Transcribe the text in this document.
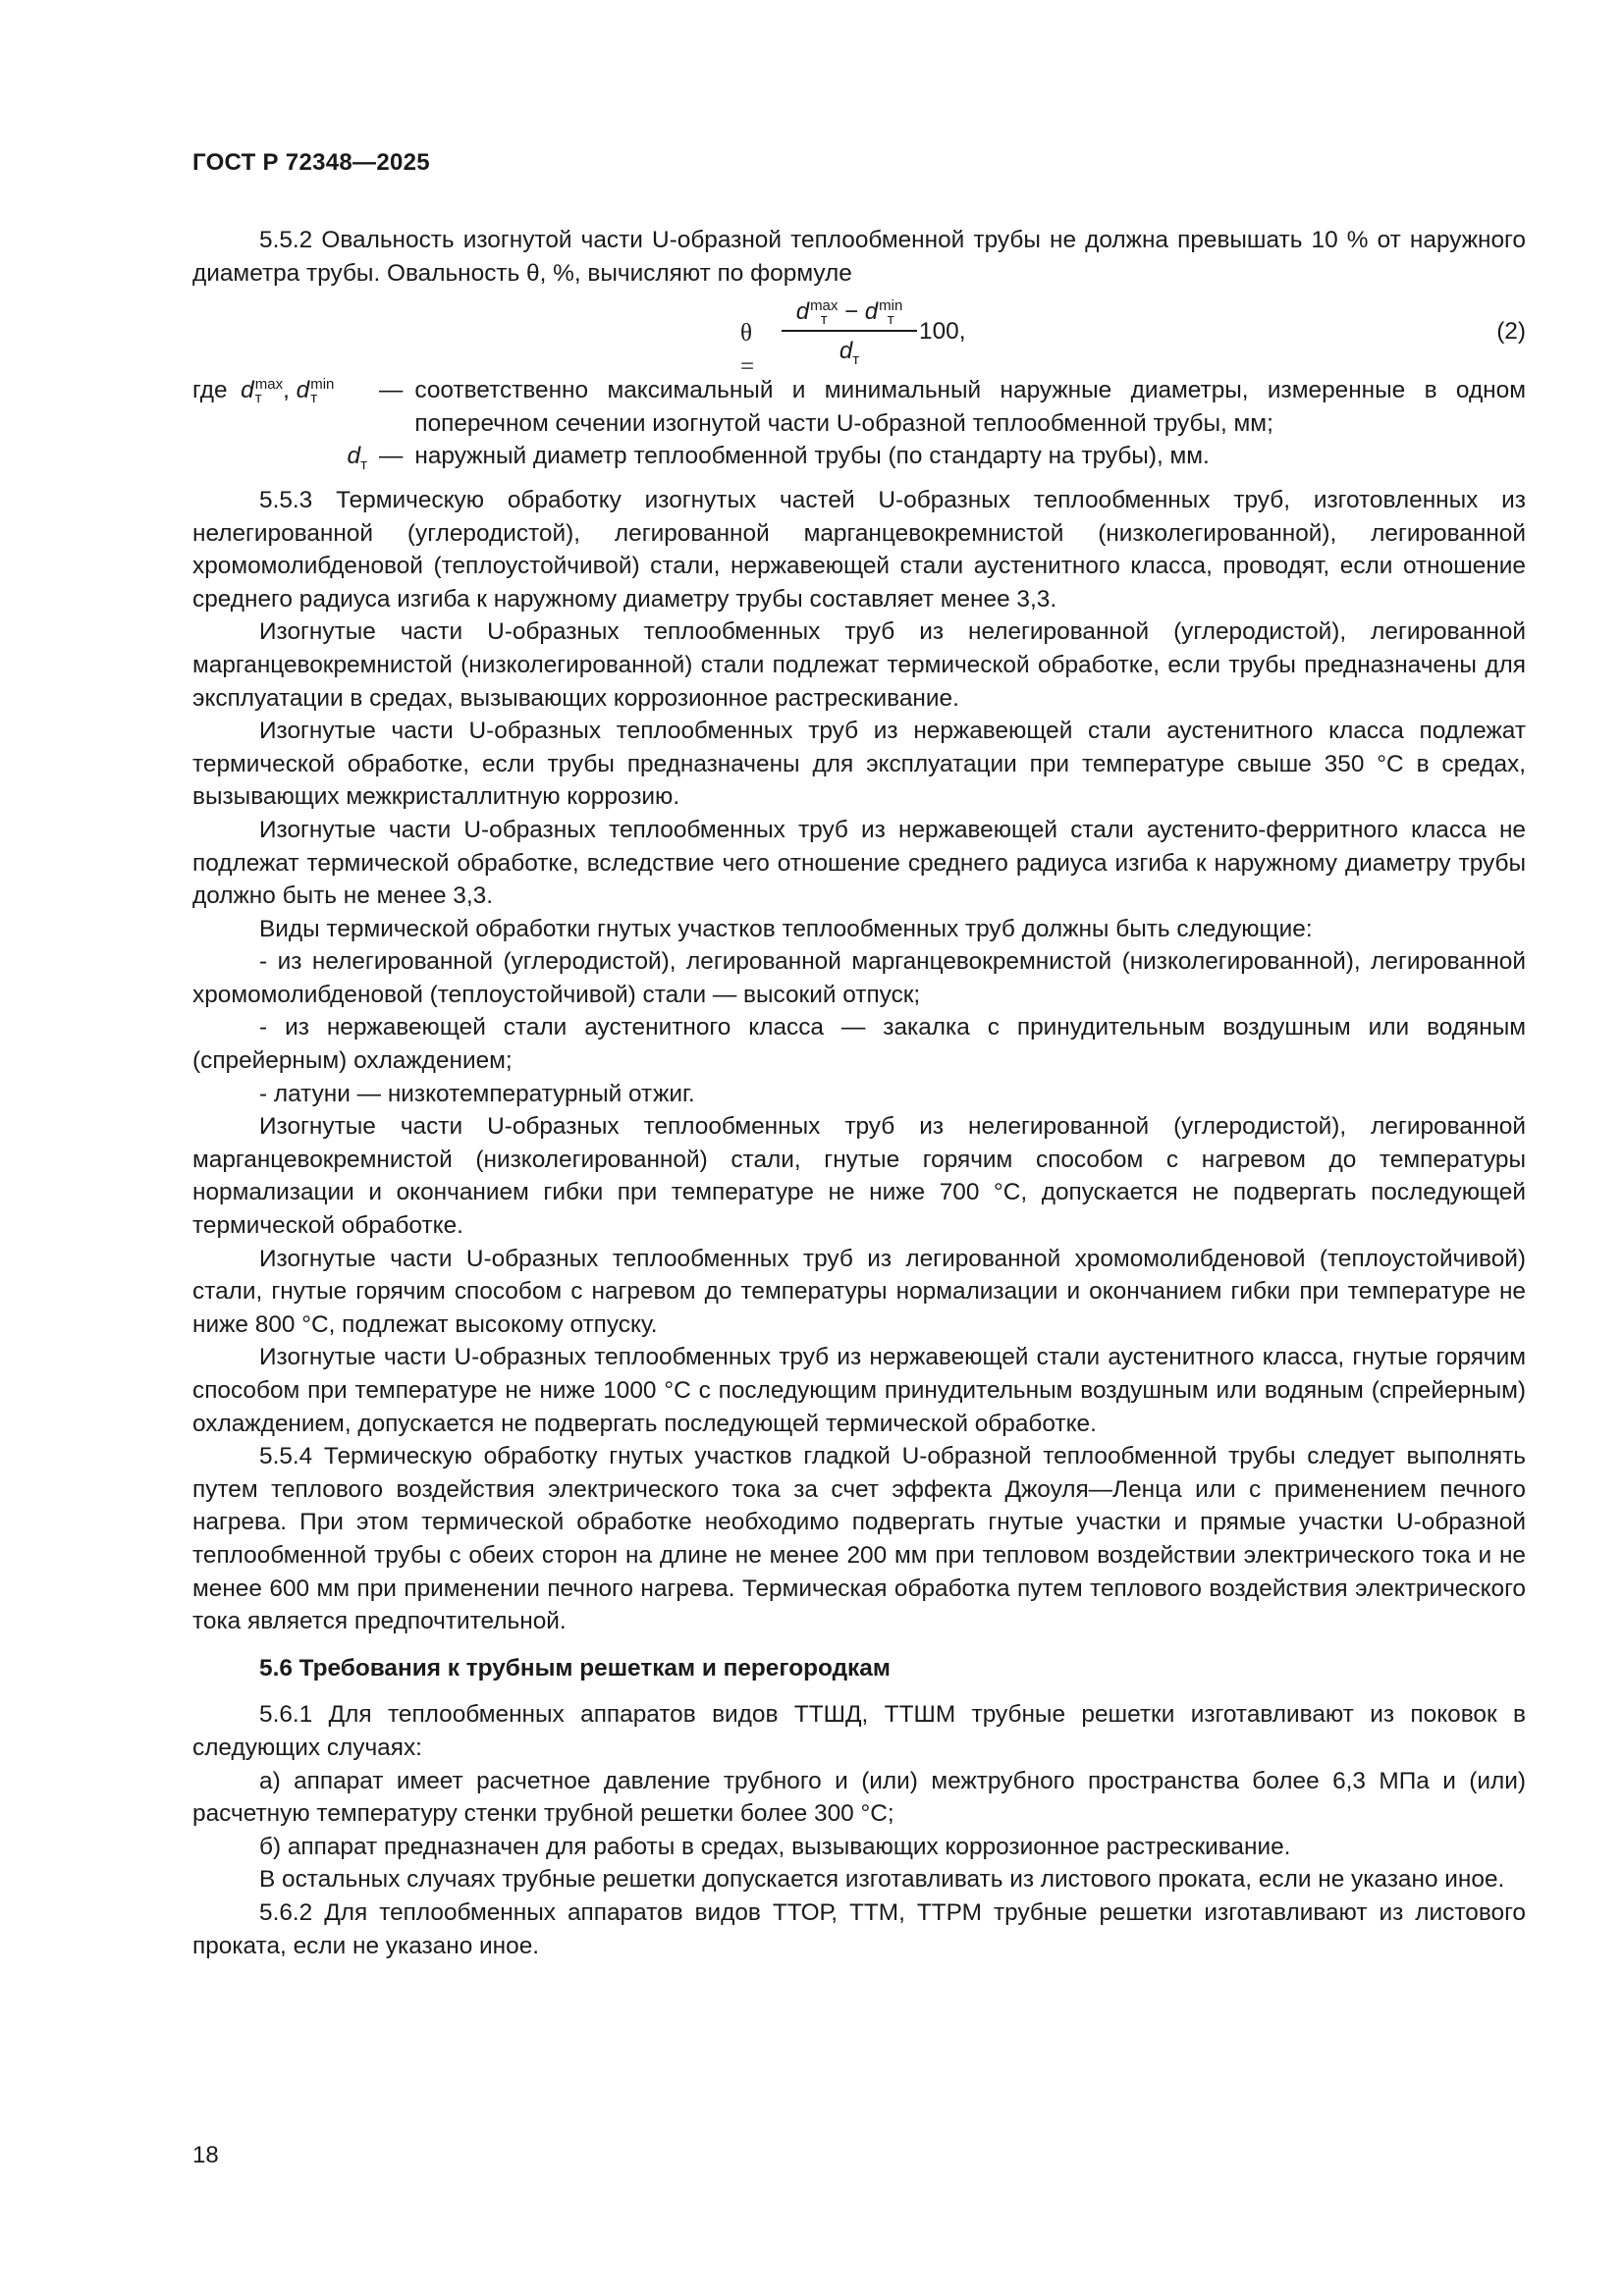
ГОСТ Р 72348—2025

5.5.2 Овальность изогнутой части U-образной теплообменной трубы не должна превышать 10 % от наружного диаметра трубы. Овальность θ, %, вычисляют по формуле

θ =
d max
т − d min
т
$d_т$
100,	(2)
где d max
т , d min
т	— соответственно максимальный и минимальный наружные диаметры, измеренные в одном поперечном сечении изогнутой части U-образной теплообменной трубы, мм;
$d_т$ — наружный диаметр теплообменной трубы (по стандарту на трубы), мм.

5.5.3 Термическую обработку изогнутых частей U-образных теплообменных труб, изготовленных из нелегированной (углеродистой), легированной марганцевокремнистой (низколегированной), легированной хромомолибденовой (теплоустойчивой) стали, нержавеющей стали аустенитного класса, проводят, если отношение среднего радиуса изгиба к наружному диаметру трубы составляет менее 3,3.

Изогнутые части U-образных теплообменных труб из нелегированной (углеродистой), легированной марганцевокремнистой (низколегированной) стали подлежат термической обработке, если трубы предназначены для эксплуатации в средах, вызывающих коррозионное растрескивание.

Изогнутые части U-образных теплообменных труб из нержавеющей стали аустенитного класса подлежат термической обработке, если трубы предназначены для эксплуатации при температуре свыше 350 °С в средах, вызывающих межкристаллитную коррозию.

Изогнутые части U-образных теплообменных труб из нержавеющей стали аустенито-ферритного класса не подлежат термической обработке, вследствие чего отношение среднего радиуса изгиба к наружному диаметру трубы должно быть не менее 3,3.

Виды термической обработки гнутых участков теплообменных труб должны быть следующие:

- из нелегированной (углеродистой), легированной марганцевокремнистой (низколегированной), легированной хромомолибденовой (теплоустойчивой) стали — высокий отпуск;

- из нержавеющей стали аустенитного класса — закалка с принудительным воздушным или водяным (спрейерным) охлаждением;

- латуни — низкотемпературный отжиг.

Изогнутые части U-образных теплообменных труб из нелегированной (углеродистой), легированной марганцевокремнистой (низколегированной) стали, гнутые горячим способом с нагревом до температуры нормализации и окончанием гибки при температуре не ниже 700 °С, допускается не подвергать последующей термической обработке.

Изогнутые части U-образных теплообменных труб из легированной хромомолибденовой (теплоустойчивой) стали, гнутые горячим способом с нагревом до температуры нормализации и окончанием гибки при температуре не ниже 800 °С, подлежат высокому отпуску.

Изогнутые части U-образных теплообменных труб из нержавеющей стали аустенитного класса, гнутые горячим способом при температуре не ниже 1000 °С с последующим принудительным воздушным или водяным (спрейерным) охлаждением, допускается не подвергать последующей термической обработке.

5.5.4 Термическую обработку гнутых участков гладкой U-образной теплообменной трубы следует выполнять путем теплового воздействия электрического тока за счет эффекта Джоуля—Ленца или с применением печного нагрева. При этом термической обработке необходимо подвергать гнутые участки и прямые участки U-образной теплообменной трубы с обеих сторон на длине не менее 200 мм при тепловом воздействии электрического тока и не менее 600 мм при применении печного нагрева. Термическая обработка путем теплового воздействия электрического тока является предпочтительной.

5.6 Требования к трубным решеткам и перегородкам

5.6.1 Для теплообменных аппаратов видов ТТШД, ТТШМ трубные решетки изготавливают из поковок в следующих случаях:

а) аппарат имеет расчетное давление трубного и (или) межтрубного пространства более 6,3 МПа и (или) расчетную температуру стенки трубной решетки более 300 °С;

б) аппарат предназначен для работы в средах, вызывающих коррозионное растрескивание.

В остальных случаях трубные решетки допускается изготавливать из листового проката, если не указано иное.

5.6.2 Для теплообменных аппаратов видов ТТОР, ТТМ, ТТРМ трубные решетки изготавливают из листового проката, если не указано иное.

18
